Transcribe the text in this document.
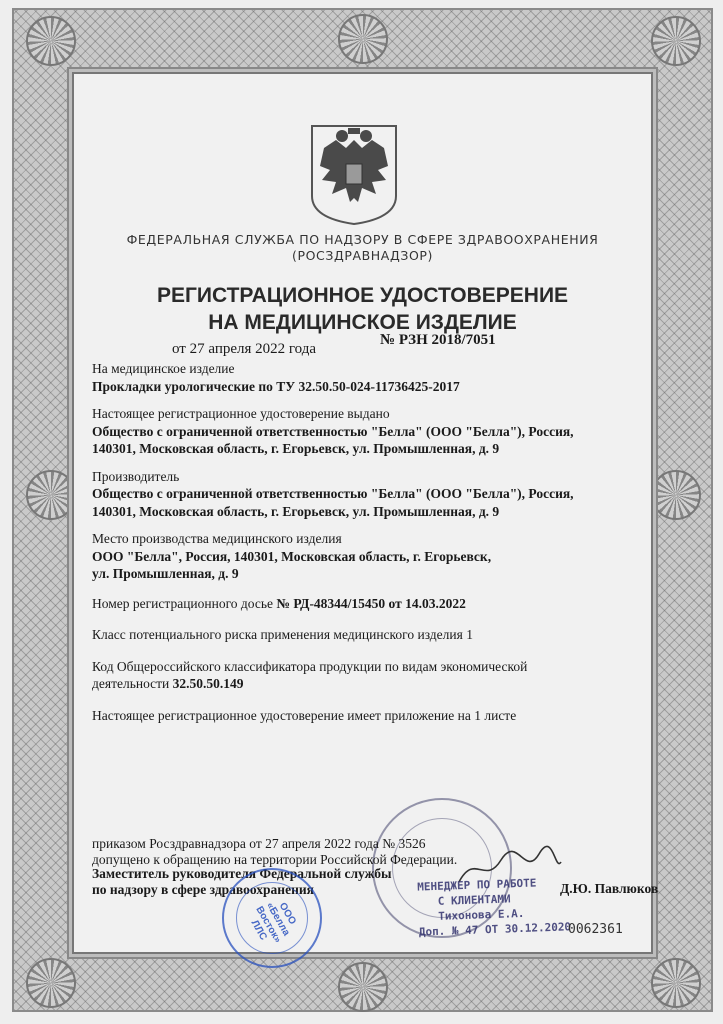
ФЕДЕРАЛЬНАЯ СЛУЖБА ПО НАДЗОРУ В СФЕРЕ ЗДРАВООХРАНЕНИЯ
(РОСЗДРАВНАДЗОР)
РЕГИСТРАЦИОННОЕ УДОСТОВЕРЕНИЕ
НА МЕДИЦИНСКОЕ ИЗДЕЛИЕ
от 27 апреля 2022 года
№ РЗН 2018/7051
На медицинское изделие
Прокладки урологические по ТУ 32.50.50-024-11736425-2017
Настоящее регистрационное удостоверение выдано
Общество с ограниченной ответственностью "Белла" (ООО "Белла"), Россия,
140301, Московская область, г. Егорьевск, ул. Промышленная, д. 9
Производитель
Общество с ограниченной ответственностью "Белла" (ООО "Белла"), Россия,
140301, Московская область, г. Егорьевск, ул. Промышленная, д. 9
Место производства медицинского изделия
ООО "Белла", Россия, 140301, Московская область, г. Егорьевск,
ул. Промышленная, д. 9
Номер регистрационного досье № РД-48344/15450 от 14.03.2022
Класс потенциального риска применения медицинского изделия 1
Код Общероссийского классификатора продукции по видам экономической
деятельности 32.50.50.149
Настоящее регистрационное удостоверение имеет приложение на 1 листе
приказом Росздравнадзора от 27 апреля 2022 года № 3526
допущено к обращению на территории Российской Федерации.
Заместитель руководителя Федеральной службы
по надзору в сфере здравоохранения	Д.Ю. Павлюков
МЕНЕДЖЕР ПО РАБОТЕ
С КЛИЕНТАМИ
Тихонова Е.А.
Доп. № 47 ОТ 30.12.2020
0062361
ООО «Белла Восток» ЛЛС
